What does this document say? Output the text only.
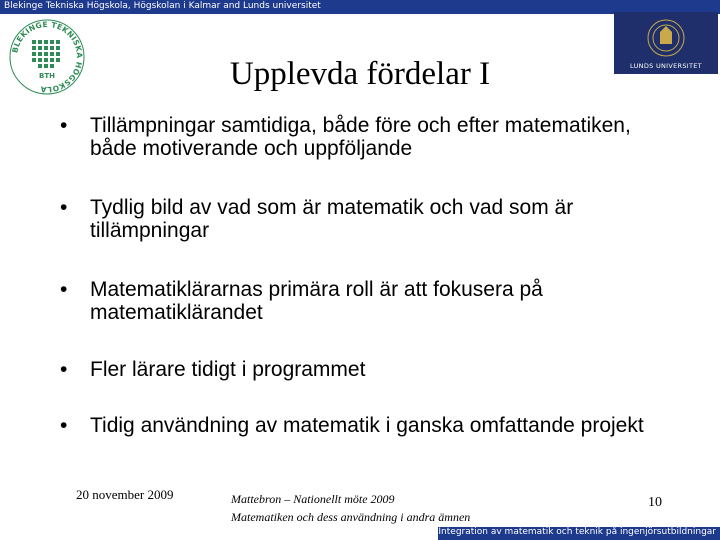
Blekinge Tekniska Högskola, Högskolan i Kalmar and Lunds universitet
BLEKINGE TEKNISKA HÖGSKOLA
BTH
LUNDS UNIVERSITET
Upplevda fördelar I
• Tillämpningar samtidiga, både före och efter matematiken, både motiverande och uppföljande
• Tydlig bild av vad som är matematik och vad som är tillämpningar
• Matematiklärarnas primära roll är att fokusera på matematiklärandet
• Fler lärare tidigt i programmet
• Tidig användning av matematik i ganska omfattande projekt
20 november 2009	Mattebron – Nationellt möte 2009
Matematiken och dess användning i andra ämnen
10
Integration av matematik och teknik på ingenjörsutbildningar
